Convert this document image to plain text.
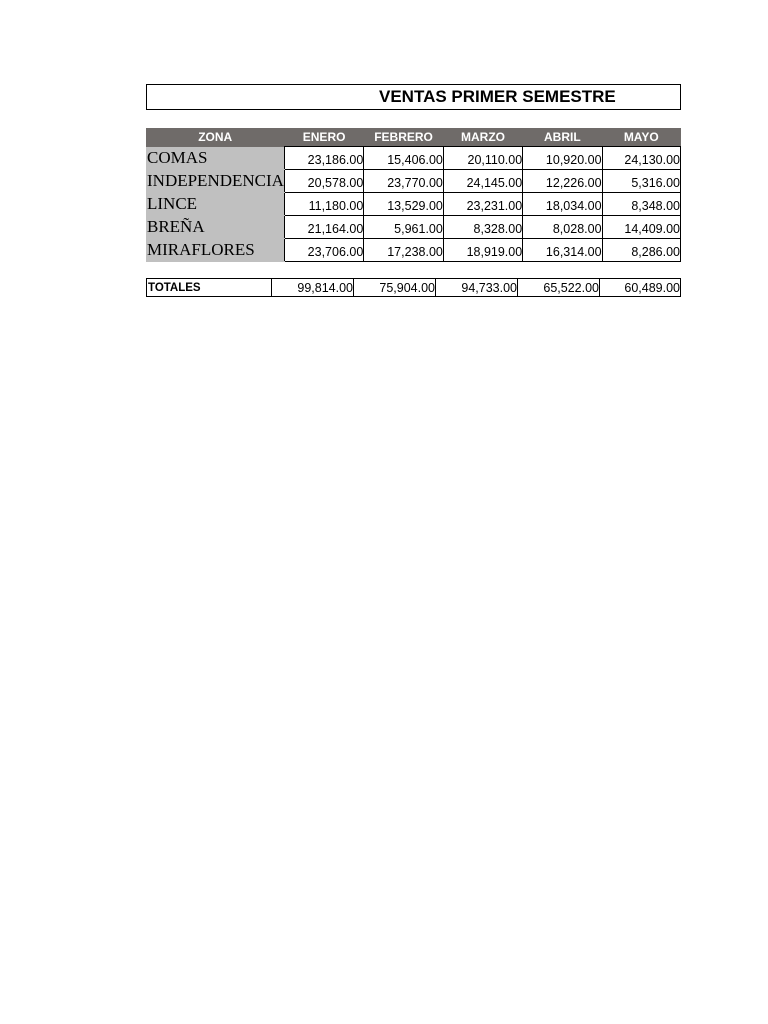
VENTAS PRIMER SEMESTRE
ZONA	ENERO	FEBRERO	MARZO	ABRIL	MAYO
COMAS	23,186.00	15,406.00	20,110.00	10,920.00	24,130.00
INDEPENDENCIA	20,578.00	23,770.00	24,145.00	12,226.00	5,316.00
LINCE	11,180.00	13,529.00	23,231.00	18,034.00	8,348.00
BREÑA	21,164.00	5,961.00	8,328.00	8,028.00	14,409.00
MIRAFLORES	23,706.00	17,238.00	18,919.00	16,314.00	8,286.00
TOTALES	99,814.00	75,904.00	94,733.00	65,522.00	60,489.00
